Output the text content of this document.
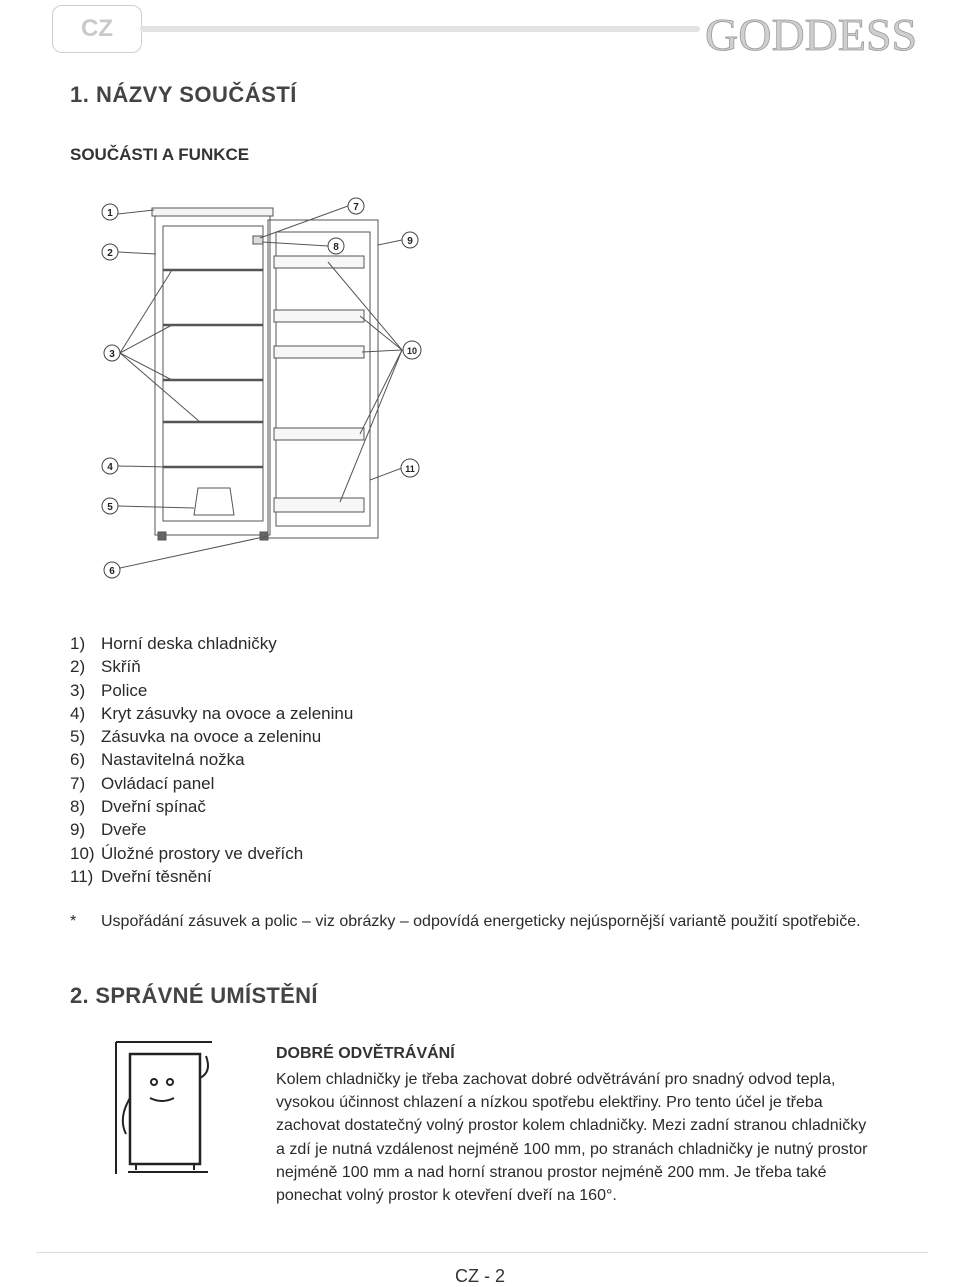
CZ	GODDESS
1. NÁZVY SOUČÁSTÍ
SOUČÁSTI A FUNKCE
1
2
3
4
5
6
7
8
9
10
11
1) Horní deska chladničky
2) Skříň
3) Police
4) Kryt zásuvky na ovoce a zeleninu
5) Zásuvka na ovoce a zeleninu
6) Nastavitelná nožka
7) Ovládací panel
8) Dveřní spínač
9) Dveře
10) Úložné prostory ve dveřích
11) Dveřní těsnění
* Uspořádání zásuvek a polic – viz obrázky – odpovídá energeticky nejúspornější variantě použití spotřebiče.
2. SPRÁVNÉ UMÍSTĚNÍ
DOBRÉ ODVĚTRÁVÁNÍ
Kolem chladničky je třeba zachovat dobré odvětrávání pro snadný odvod tepla, vysokou účinnost chlazení a nízkou spotřebu elektřiny. Pro tento účel je třeba zachovat dostatečný volný prostor kolem chladničky. Mezi zadní stranou chladničky a zdí je nutná vzdálenost nejméně 100 mm, po stranách chladničky je nutný prostor nejméně 100 mm a nad horní stranou prostor nejméně 200 mm. Je třeba také ponechat volný prostor k otevření dveří na 160°.
CZ - 2
